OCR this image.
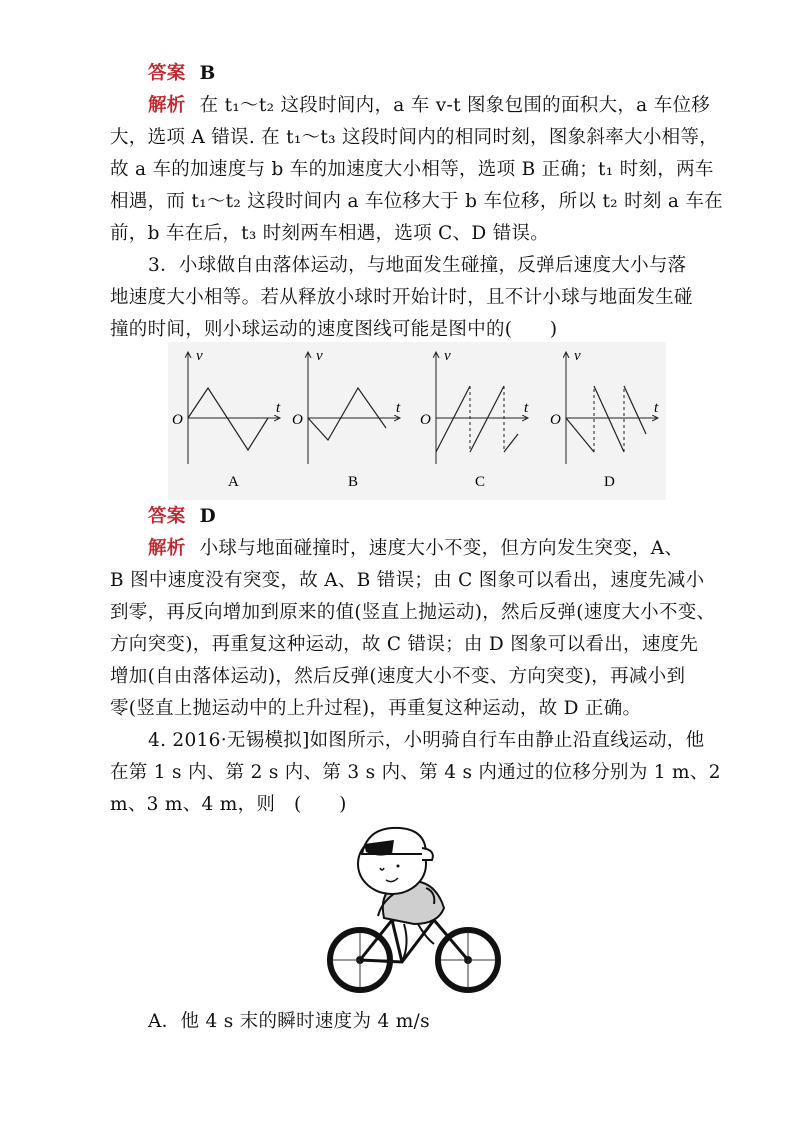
答案 B
解析 在 t₁～t₂ 这段时间内，a 车 v-t 图象包围的面积大，a 车位移
大，选项 A 错误. 在 t₁～t₃ 这段时间内的相同时刻，图象斜率大小相等，
故 a 车的加速度与 b 车的加速度大小相等，选项 B 正确；t₁ 时刻，两车
相遇，而 t₁～t₂ 这段时间内 a 车位移大于 b 车位移，所以 t₂ 时刻 a 车在
前，b 车在后，t₃ 时刻两车相遇，选项 C、D 错误。
3．小球做自由落体运动，与地面发生碰撞，反弹后速度大小与落
地速度大小相等。若从释放小球时开始计时，且不计小球与地面发生碰
撞的时间，则小球运动的速度图线可能是图中的(　　)
v
t
O
A
v
t
O
B
v
t
O
C
v
t
O
D
答案 D
解析 小球与地面碰撞时，速度大小不变，但方向发生突变，A、
B 图中速度没有突变，故 A、B 错误；由 C 图象可以看出，速度先减小
到零，再反向增加到原来的值(竖直上抛运动)，然后反弹(速度大小不变、
方向突变)，再重复这种运动，故 C 错误；由 D 图象可以看出，速度先
增加(自由落体运动)，然后反弹(速度大小不变、方向突变)，再减小到
零(竖直上抛运动中的上升过程)，再重复这种运动，故 D 正确。
4. 2016·无锡模拟]如图所示，小明骑自行车由静止沿直线运动，他
在第 1 s 内、第 2 s 内、第 3 s 内、第 4 s 内通过的位移分别为 1 m、2
m、3 m、4 m，则　(　　)
A．他 4 s 末的瞬时速度为 4 m/s
